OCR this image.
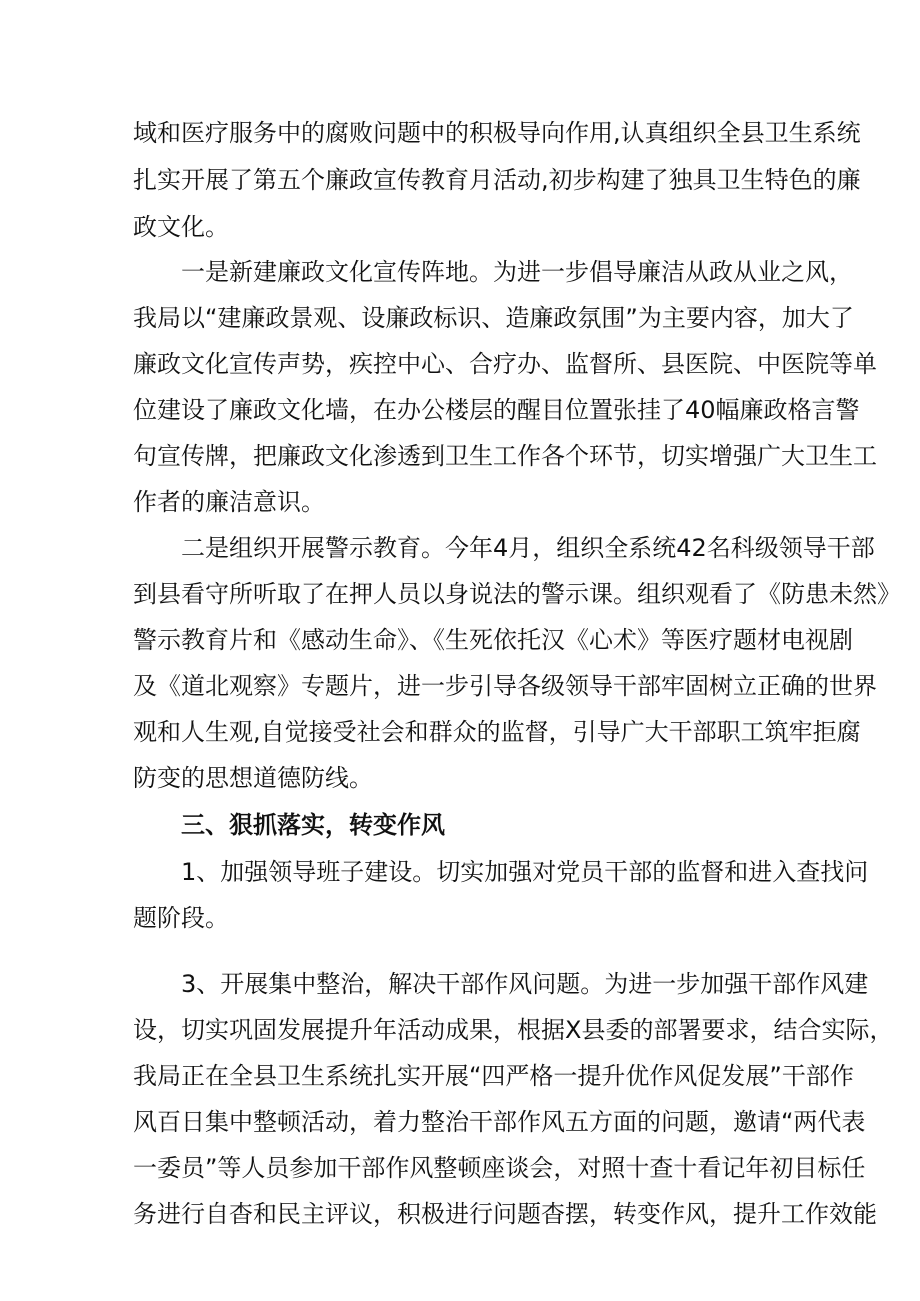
域和医疗服务中的腐败问题中的积极导向作用,认真组织全县卫生系统
扎实开展了第五个廉政宣传教育月活动,初步构建了独具卫生特色的廉
政文化。
一是新建廉政文化宣传阵地。为进一步倡导廉洁从政从业之风，
我局以“建廉政景观、设廉政标识、造廉政氛围”为主要内容，加大了
廉政文化宣传声势，疾控中心、合疗办、监督所、县医院、中医院等单
位建设了廉政文化墙，在办公楼层的醒目位置张挂了40幅廉政格言警
句宣传牌，把廉政文化渗透到卫生工作各个环节，切实增强广大卫生工
作者的廉洁意识。
二是组织开展警示教育。今年4月，组织全系统42名科级领导干部
到县看守所听取了在押人员以身说法的警示课。组织观看了《防患未然》
警示教育片和《感动生命》、《生死依托汉《心术》等医疗题材电视剧
及《道北观察》专题片，进一步引导各级领导干部牢固树立正确的世界
观和人生观,自觉接受社会和群众的监督，引导广大干部职工筑牢拒腐
防变的思想道德防线。
三、狠抓落实，转变作风
1、加强领导班子建设。切实加强对党员干部的监督和进入查找问
题阶段。
3、开展集中整治，解决干部作风问题。为进一步加强干部作风建
设，切实巩固发展提升年活动成果，根据X县委的部署要求，结合实际，
我局正在全县卫生系统扎实开展“四严格一提升优作风促发展”干部作
风百日集中整顿活动，着力整治干部作风五方面的问题，邀请“两代表
一委员”等人员参加干部作风整顿座谈会，对照十查十看记年初目标任
务进行自杳和民主评议，积极进行问题杳摆，转变作风，提升工作效能
